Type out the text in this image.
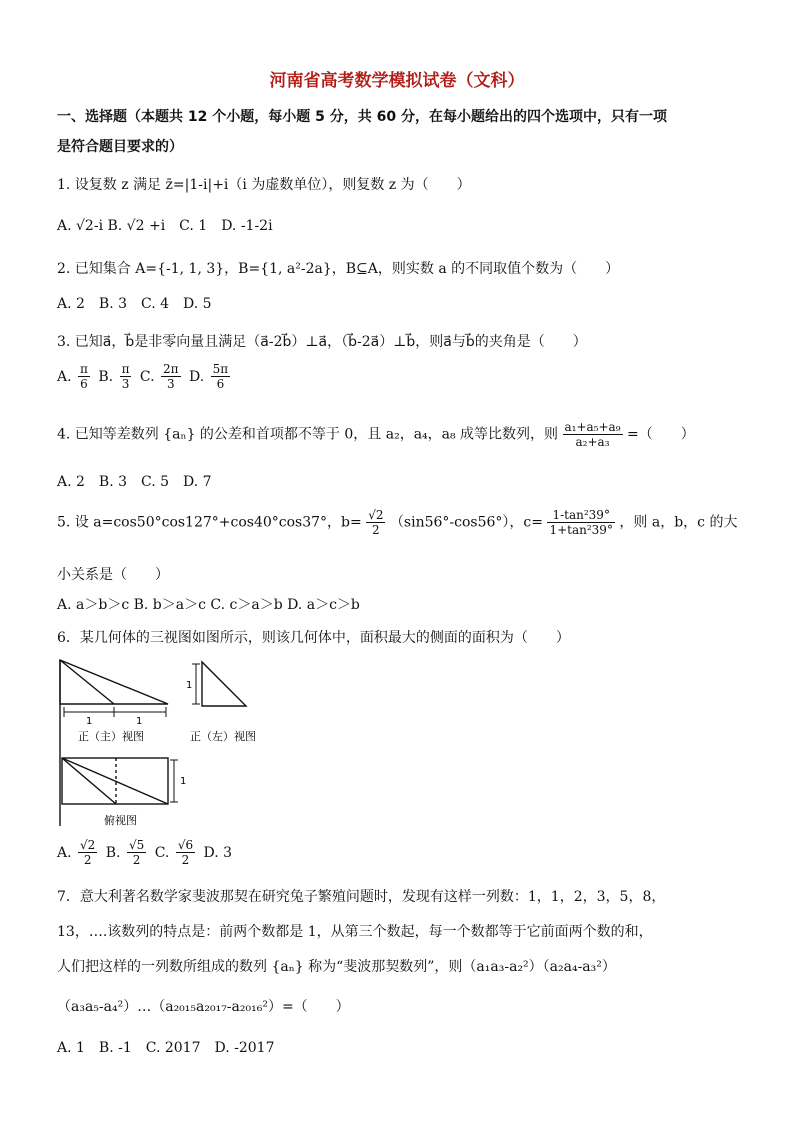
河南省高考数学模拟试卷（文科）
一、选择题（本题共 12 个小题，每小题 5 分，共 60 分，在每小题给出的四个选项中，只有一项
是符合题目要求的）
1. 设复数 z 满足 z̄=|1-i|+i（i 为虚数单位），则复数 z 为（　　）
A. √2-i B. √2 +i　C. 1　D. -1-2i
2. 已知集合 A={-1, 1, 3}，B={1, a²-2a}，B⊆A，则实数 a 的不同取值个数为（　　）
A. 2　B. 3　C. 4　D. 5
3. 已知a⃗，b⃗是非零向量且满足（a⃗-2b⃗）⊥a⃗，（b⃗-2a⃗）⊥b⃗，则a⃗与b⃗的夹角是（　　）
A. $\frac{\pi}{6} B$. $\frac{\pi}{3} C$. $\frac{2\pi}{3} D$. $\frac{5\pi}{6}$
4. 已知等差数列 {aₙ} 的公差和首项都不等于 0，且 a₂，a₄，a₈ 成等比数列，则 $\frac{\text{a₁+a₅+a₉}}{\text{a₂+a₃}}$ =（　　）
A. 2　B. 3　C. 5　D. 7
5. 设 a=cos50°cos127°+cos40°cos37°，$b= \frac{√2}{2} (\sin 56^\circ-\cos 56^\circ)$，$c= \frac{\text{1-tan²39°}}{\text{1+tan²39°}}$ ，则 a，b，c 的大
小关系是（　　）
A. a＞b＞c B. b＞a＞c C. c＞a＞b D. a＞c＞b
6．某几何体的三视图如图所示，则该几何体中，面积最大的侧面的面积为（　　）
1	1
1
1
正（主）视图	正（左）视图
俯视图
A. $\frac{√2}{2} B$. $\frac{√5}{2} C$. $\frac{√6}{2} D$. 3
7．意大利著名数学家斐波那契在研究兔子繁殖问题时，发现有这样一列数：1，1，2，3，5，8，
13，….该数列的特点是：前两个数都是 1，从第三个数起，每一个数都等于它前面两个数的和，
人们把这样的一列数所组成的数列 {aₙ} 称为“斐波那契数列”，则（a₁a₃-a₂²）（a₂a₄-a₃²）
（a₃a₅-a₄²）…（a₂₀₁₅a₂₀₁₇-a₂₀₁₆²）=（　　）
A. 1　B. -1　C. 2017　D. -2017
